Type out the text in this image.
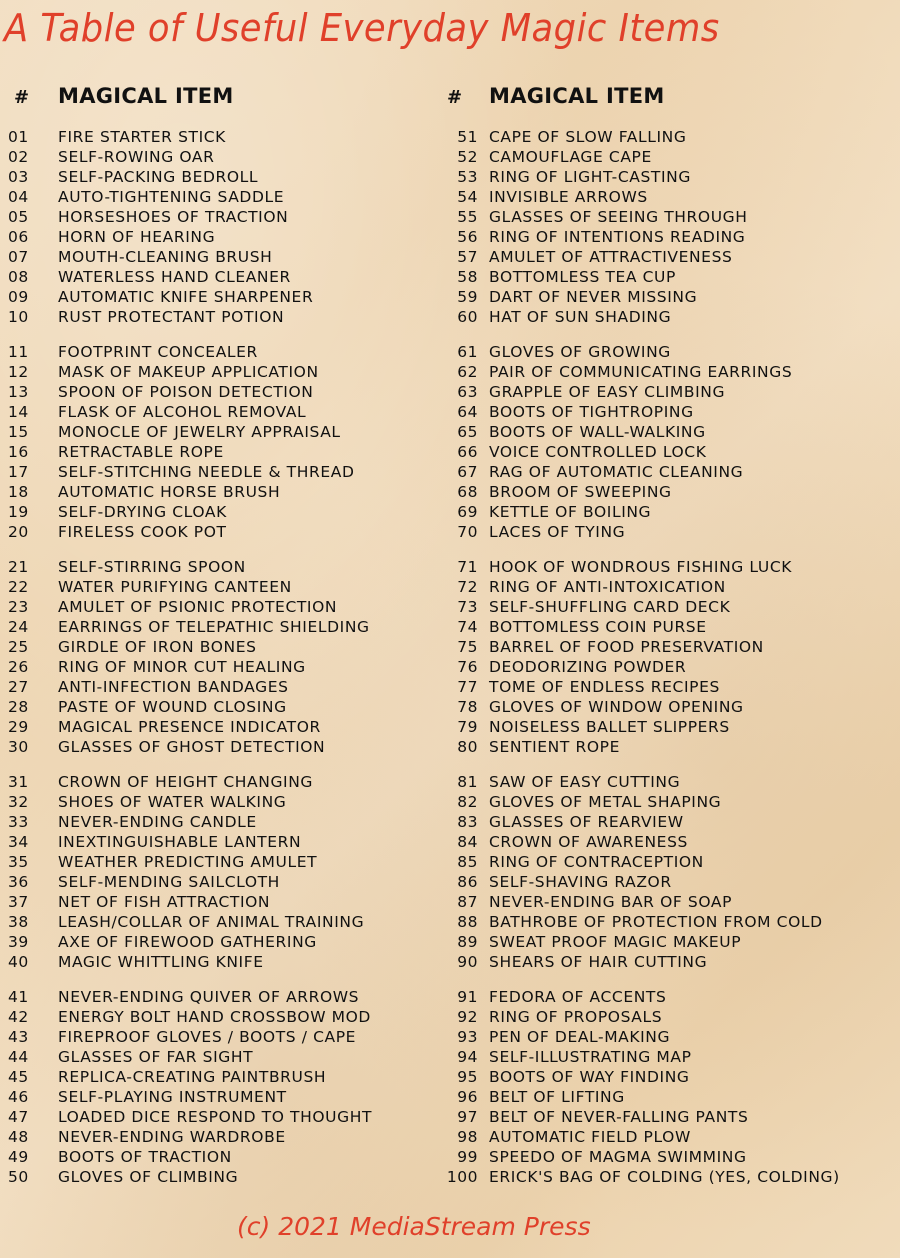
A Table of Useful Everyday Magic Items
#	MAGICAL ITEM
01	FIRE STARTER STICK
02	SELF-ROWING OAR
03	SELF-PACKING BEDROLL
04	AUTO-TIGHTENING SADDLE
05	HORSESHOES OF TRACTION
06	HORN OF HEARING
07	MOUTH-CLEANING BRUSH
08	WATERLESS HAND CLEANER
09	AUTOMATIC KNIFE SHARPENER
10	RUST PROTECTANT POTION
11	FOOTPRINT CONCEALER
12	MASK OF MAKEUP APPLICATION
13	SPOON OF POISON DETECTION
14	FLASK OF ALCOHOL REMOVAL
15	MONOCLE OF JEWELRY APPRAISAL
16	RETRACTABLE ROPE
17	SELF-STITCHING NEEDLE & THREAD
18	AUTOMATIC HORSE BRUSH
19	SELF-DRYING CLOAK
20	FIRELESS COOK POT
21	SELF-STIRRING SPOON
22	WATER PURIFYING CANTEEN
23	AMULET OF PSIONIC PROTECTION
24	EARRINGS OF TELEPATHIC SHIELDING
25	GIRDLE OF IRON BONES
26	RING OF MINOR CUT HEALING
27	ANTI-INFECTION BANDAGES
28	PASTE OF WOUND CLOSING
29	MAGICAL PRESENCE INDICATOR
30	GLASSES OF GHOST DETECTION
31	CROWN OF HEIGHT CHANGING
32	SHOES OF WATER WALKING
33	NEVER-ENDING CANDLE
34	INEXTINGUISHABLE LANTERN
35	WEATHER PREDICTING AMULET
36	SELF-MENDING SAILCLOTH
37	NET OF FISH ATTRACTION
38	LEASH/COLLAR OF ANIMAL TRAINING
39	AXE OF FIREWOOD GATHERING
40	MAGIC WHITTLING KNIFE
41	NEVER-ENDING QUIVER OF ARROWS
42	ENERGY BOLT HAND CROSSBOW MOD
43	FIREPROOF GLOVES / BOOTS / CAPE
44	GLASSES OF FAR SIGHT
45	REPLICA-CREATING PAINTBRUSH
46	SELF-PLAYING INSTRUMENT
47	LOADED DICE RESPOND TO THOUGHT
48	NEVER-ENDING WARDROBE
49	BOOTS OF TRACTION
50	GLOVES OF CLIMBING
#	MAGICAL ITEM
51 CAPE OF SLOW FALLING
52 CAMOUFLAGE CAPE
53 RING OF LIGHT-CASTING
54 INVISIBLE ARROWS
55 GLASSES OF SEEING THROUGH
56 RING OF INTENTIONS READING
57 AMULET OF ATTRACTIVENESS
58 BOTTOMLESS TEA CUP
59 DART OF NEVER MISSING
60 HAT OF SUN SHADING
61 GLOVES OF GROWING
62 PAIR OF COMMUNICATING EARRINGS
63 GRAPPLE OF EASY CLIMBING
64 BOOTS OF TIGHTROPING
65 BOOTS OF WALL-WALKING
66 VOICE CONTROLLED LOCK
67 RAG OF AUTOMATIC CLEANING
68 BROOM OF SWEEPING
69 KETTLE OF BOILING
70 LACES OF TYING
71 HOOK OF WONDROUS FISHING LUCK
72 RING OF ANTI-INTOXICATION
73 SELF-SHUFFLING CARD DECK
74 BOTTOMLESS COIN PURSE
75 BARREL OF FOOD PRESERVATION
76 DEODORIZING POWDER
77 TOME OF ENDLESS RECIPES
78 GLOVES OF WINDOW OPENING
79 NOISELESS BALLET SLIPPERS
80 SENTIENT ROPE
81 SAW OF EASY CUTTING
82 GLOVES OF METAL SHAPING
83 GLASSES OF REARVIEW
84 CROWN OF AWARENESS
85 RING OF CONTRACEPTION
86 SELF-SHAVING RAZOR
87 NEVER-ENDING BAR OF SOAP
88 BATHROBE OF PROTECTION FROM COLD
89 SWEAT PROOF MAGIC MAKEUP
90 SHEARS OF HAIR CUTTING
91 FEDORA OF ACCENTS
92 RING OF PROPOSALS
93 PEN OF DEAL-MAKING
94 SELF-ILLUSTRATING MAP
95 BOOTS OF WAY FINDING
96 BELT OF LIFTING
97 BELT OF NEVER-FALLING PANTS
98 AUTOMATIC FIELD PLOW
99 SPEEDO OF MAGMA SWIMMING
100 ERICK'S BAG OF COLDING (YES, COLDING)
(c) 2021 MediaStream Press
